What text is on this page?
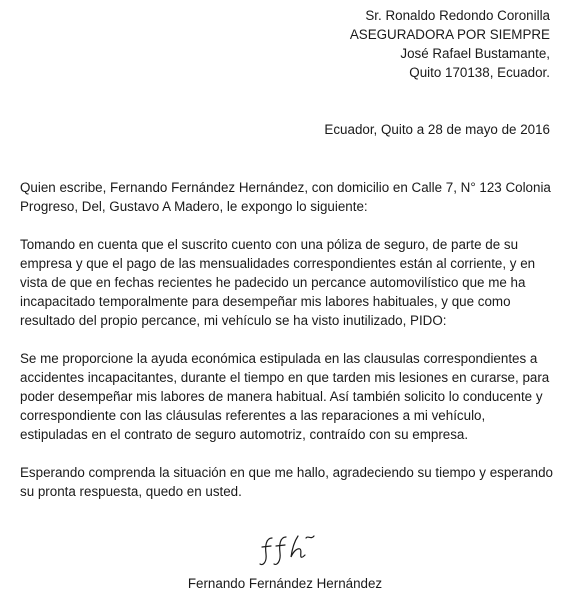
Sr. Ronaldo Redondo Coronilla
ASEGURADORA POR SIEMPRE
José Rafael Bustamante,
Quito 170138, Ecuador.
Ecuador, Quito a 28 de mayo de 2016

Quien escribe, Fernando Fernández Hernández, con domicilio en Calle 7, N° 123 Colonia Progreso, Del, Gustavo A Madero, le expongo lo siguiente:

Tomando en cuenta que el suscrito cuento con una póliza de seguro, de parte de su empresa y que el pago de las mensualidades correspondientes están al corriente, y en vista de que en fechas recientes he padecido un percance automovilístico que me ha incapacitado temporalmente para desempeñar mis labores habituales, y que como resultado del propio percance, mi vehículo se ha visto inutilizado, PIDO:

Se me proporcione la ayuda económica estipulada en las clausulas correspondientes a accidentes incapacitantes, durante el tiempo en que tarden mis lesiones en curarse, para poder desempeñar mis labores de manera habitual. Así también solicito lo conducente y correspondiente con las cláusulas referentes a las reparaciones a mi vehículo, estipuladas en el contrato de seguro automotriz, contraído con su empresa.

Esperando comprenda la situación en que me hallo, agradeciendo su tiempo y esperando su pronta respuesta, quedo en usted.

Fernando Fernández Hernández
